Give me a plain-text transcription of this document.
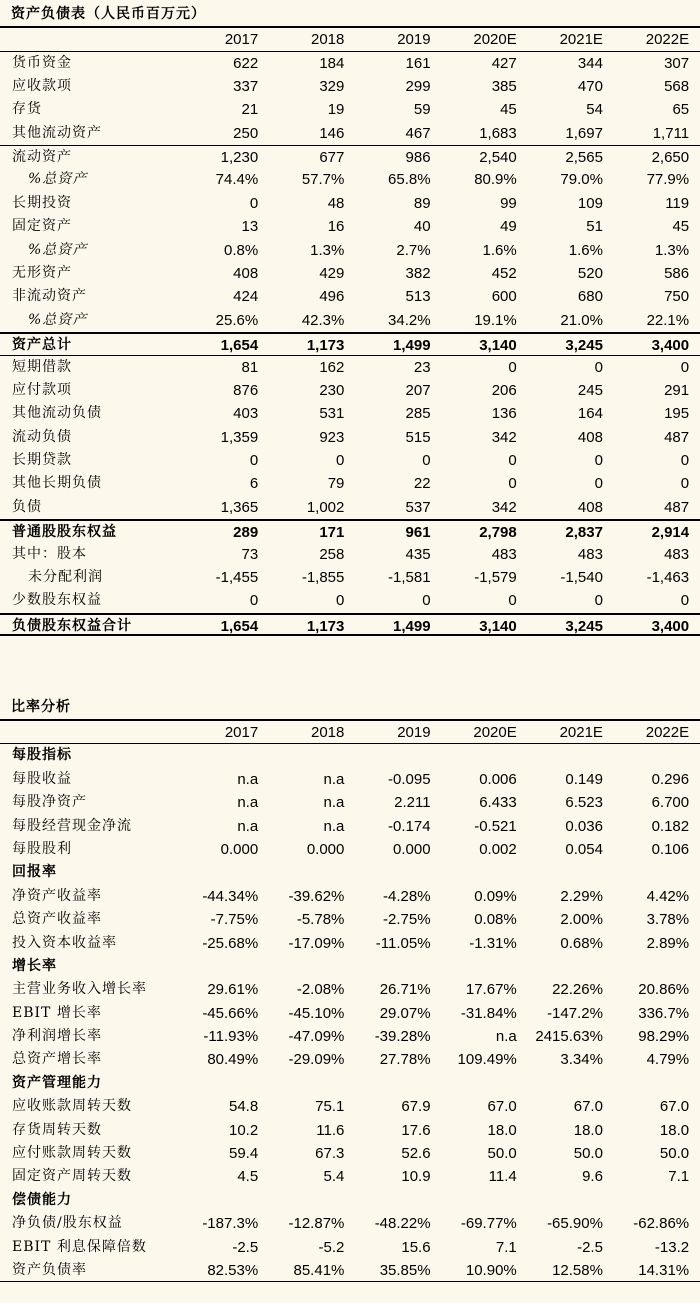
资产负债表（人民币百万元）
2017	2018	2019	2020E	2021E	2022E
货币资金	622	184	161	427	344	307
应收款项	337	329	299	385	470	568
存货	21	19	59	45	54	65
其他流动资产	250	146	467	1,683	1,697	1,711
流动资产	1,230	677	986	2,540	2,565	2,650
%总资产	74.4%	57.7%	65.8%	80.9%	79.0%	77.9%
长期投资	0	48	89	99	109	119
固定资产	13	16	40	49	51	45
%总资产	0.8%	1.3%	2.7%	1.6%	1.6%	1.3%
无形资产	408	429	382	452	520	586
非流动资产	424	496	513	600	680	750
%总资产	25.6%	42.3%	34.2%	19.1%	21.0%	22.1%
资产总计	1,654	1,173	1,499	3,140	3,245	3,400
短期借款	81	162	23	0	0	0
应付款项	876	230	207	206	245	291
其他流动负债	403	531	285	136	164	195
流动负债	1,359	923	515	342	408	487
长期贷款	0	0	0	0	0	0
其他长期负债	6	79	22	0	0	0
负债	1,365	1,002	537	342	408	487
普通股股东权益	289	171	961	2,798	2,837	2,914
其中：股本	73	258	435	483	483	483
未分配利润	-1,455	-1,855	-1,581	-1,579	-1,540	-1,463
少数股东权益	0	0	0	0	0	0
负债股东权益合计	1,654	1,173	1,499	3,140	3,245	3,400
比率分析
2017	2018	2019	2020E	2021E	2022E
每股指标
每股收益	n.a	n.a	-0.095	0.006	0.149	0.296
每股净资产	n.a	n.a	2.211	6.433	6.523	6.700
每股经营现金净流	n.a	n.a	-0.174	-0.521	0.036	0.182
每股股利	0.000	0.000	0.000	0.002	0.054	0.106
回报率
净资产收益率	-44.34%	-39.62%	-4.28%	0.09%	2.29%	4.42%
总资产收益率	-7.75%	-5.78%	-2.75%	0.08%	2.00%	3.78%
投入资本收益率	-25.68%	-17.09%	-11.05%	-1.31%	0.68%	2.89%
增长率
主营业务收入增长率	29.61%	-2.08%	26.71%	17.67%	22.26%	20.86%
EBIT 增长率	-45.66%	-45.10%	29.07%	-31.84%	-147.2%	336.7%
净利润增长率	-11.93%	-47.09%	-39.28%	n.a	2415.63%	98.29%
总资产增长率	80.49%	-29.09%	27.78%	109.49%	3.34%	4.79%
资产管理能力
应收账款周转天数	54.8	75.1	67.9	67.0	67.0	67.0
存货周转天数	10.2	11.6	17.6	18.0	18.0	18.0
应付账款周转天数	59.4	67.3	52.6	50.0	50.0	50.0
固定资产周转天数	4.5	5.4	10.9	11.4	9.6	7.1
偿债能力
净负债/股东权益	-187.3%	-12.87%	-48.22%	-69.77%	-65.90%	-62.86%
EBIT 利息保障倍数	-2.5	-5.2	15.6	7.1	-2.5	-13.2
资产负债率	82.53%	85.41%	35.85%	10.90%	12.58%	14.31%
